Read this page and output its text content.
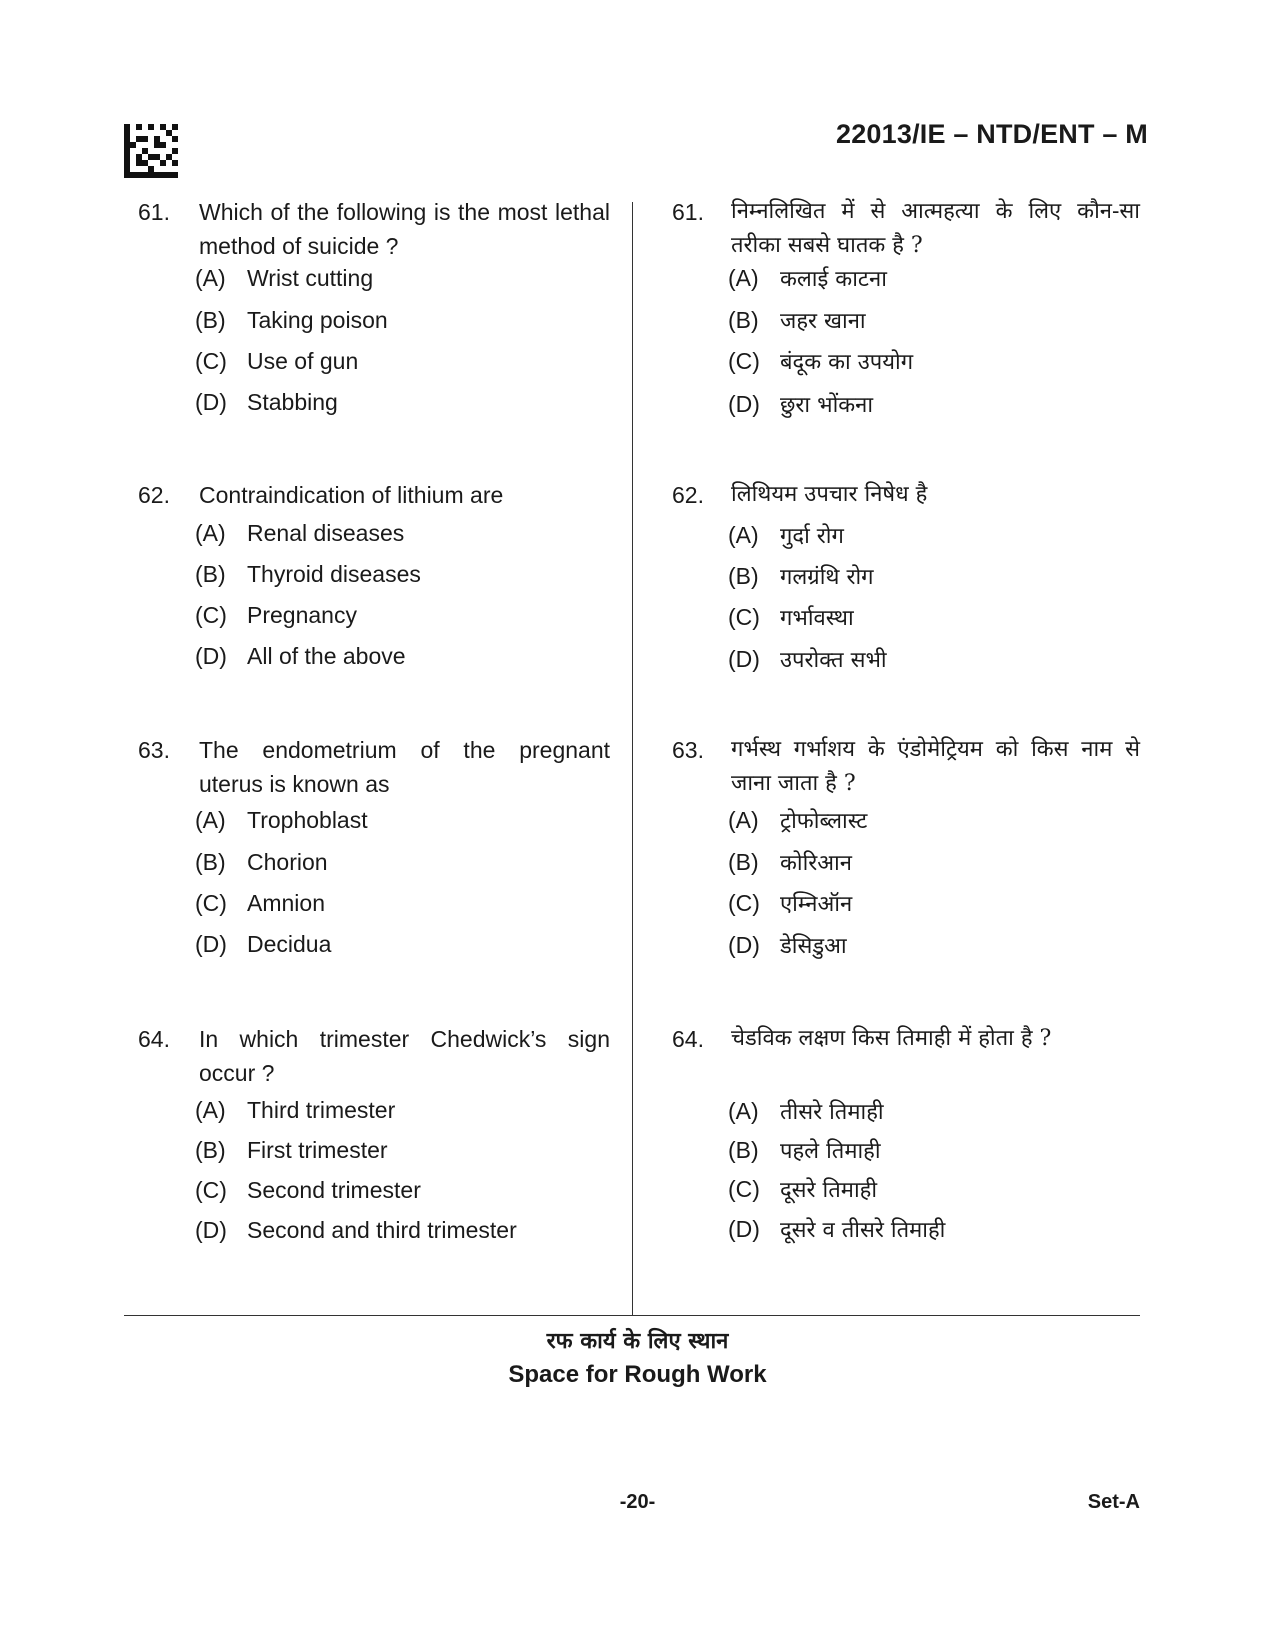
22013/IE – NTD/ENT – M
61. Which of the following is the most lethal method of suicide ?
(A) Wrist cutting
(B) Taking poison
(C) Use of gun
(D) Stabbing
62. Contraindication of lithium are
(A) Renal diseases
(B) Thyroid diseases
(C) Pregnancy
(D) All of the above
63. The endometrium of the pregnant uterus is known as
(A) Trophoblast
(B) Chorion
(C) Amnion
(D) Decidua
64. In which trimester Chedwick’s sign occur ?
(A) Third trimester
(B) First trimester
(C) Second trimester
(D) Second and third trimester
61. निम्नलिखित में से आत्महत्या के लिए कौन-सा तरीका सबसे घातक है ?
(A) कलाई काटना
(B) जहर खाना
(C) बंदूक का उपयोग
(D) छुरा भोंकना
62. लिथियम उपचार निषेध है
(A) गुर्दा रोग
(B) गलग्रंथि रोग
(C) गर्भावस्था
(D) उपरोक्त सभी
63. गर्भस्थ गर्भाशय के एंडोमेट्रियम को किस नाम से जाना जाता है ?
(A) ट्रोफोब्लास्ट
(B) कोरिआन
(C) एम्निऑन
(D) डेसिडुआ
64. चेडविक लक्षण किस तिमाही में होता है ?
(A) तीसरे तिमाही
(B) पहले तिमाही
(C) दूसरे तिमाही
(D) दूसरे व तीसरे तिमाही
रफ कार्य के लिए स्थान
Space for Rough Work
-20-	Set-A
